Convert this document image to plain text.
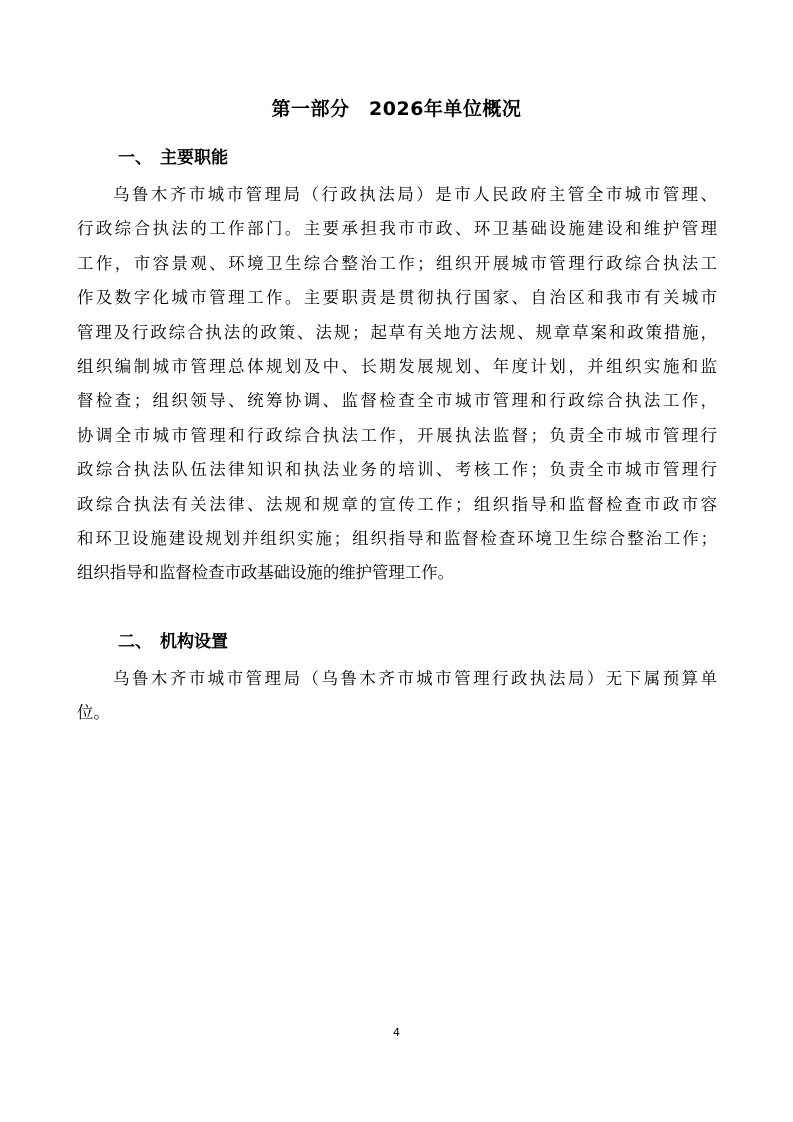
第一部分　2026年单位概况
一、 主要职能
乌鲁木齐市城市管理局（行政执法局）是市人民政府主管全市城市管理、
行政综合执法的工作部门。主要承担我市市政、环卫基础设施建设和维护管理
工作，市容景观、环境卫生综合整治工作；组织开展城市管理行政综合执法工
作及数字化城市管理工作。主要职责是贯彻执行国家、自治区和我市有关城市
管理及行政综合执法的政策、法规；起草有关地方法规、规章草案和政策措施，
组织编制城市管理总体规划及中、长期发展规划、年度计划，并组织实施和监
督检查；组织领导、统筹协调、监督检查全市城市管理和行政综合执法工作，
协调全市城市管理和行政综合执法工作，开展执法监督；负责全市城市管理行
政综合执法队伍法律知识和执法业务的培训、考核工作；负责全市城市管理行
政综合执法有关法律、法规和规章的宣传工作；组织指导和监督检查市政市容
和环卫设施建设规划并组织实施；组织指导和监督检查环境卫生综合整治工作；
组织指导和监督检查市政基础设施的维护管理工作。
二、 机构设置
乌鲁木齐市城市管理局（乌鲁木齐市城市管理行政执法局）无下属预算单
位。
4
